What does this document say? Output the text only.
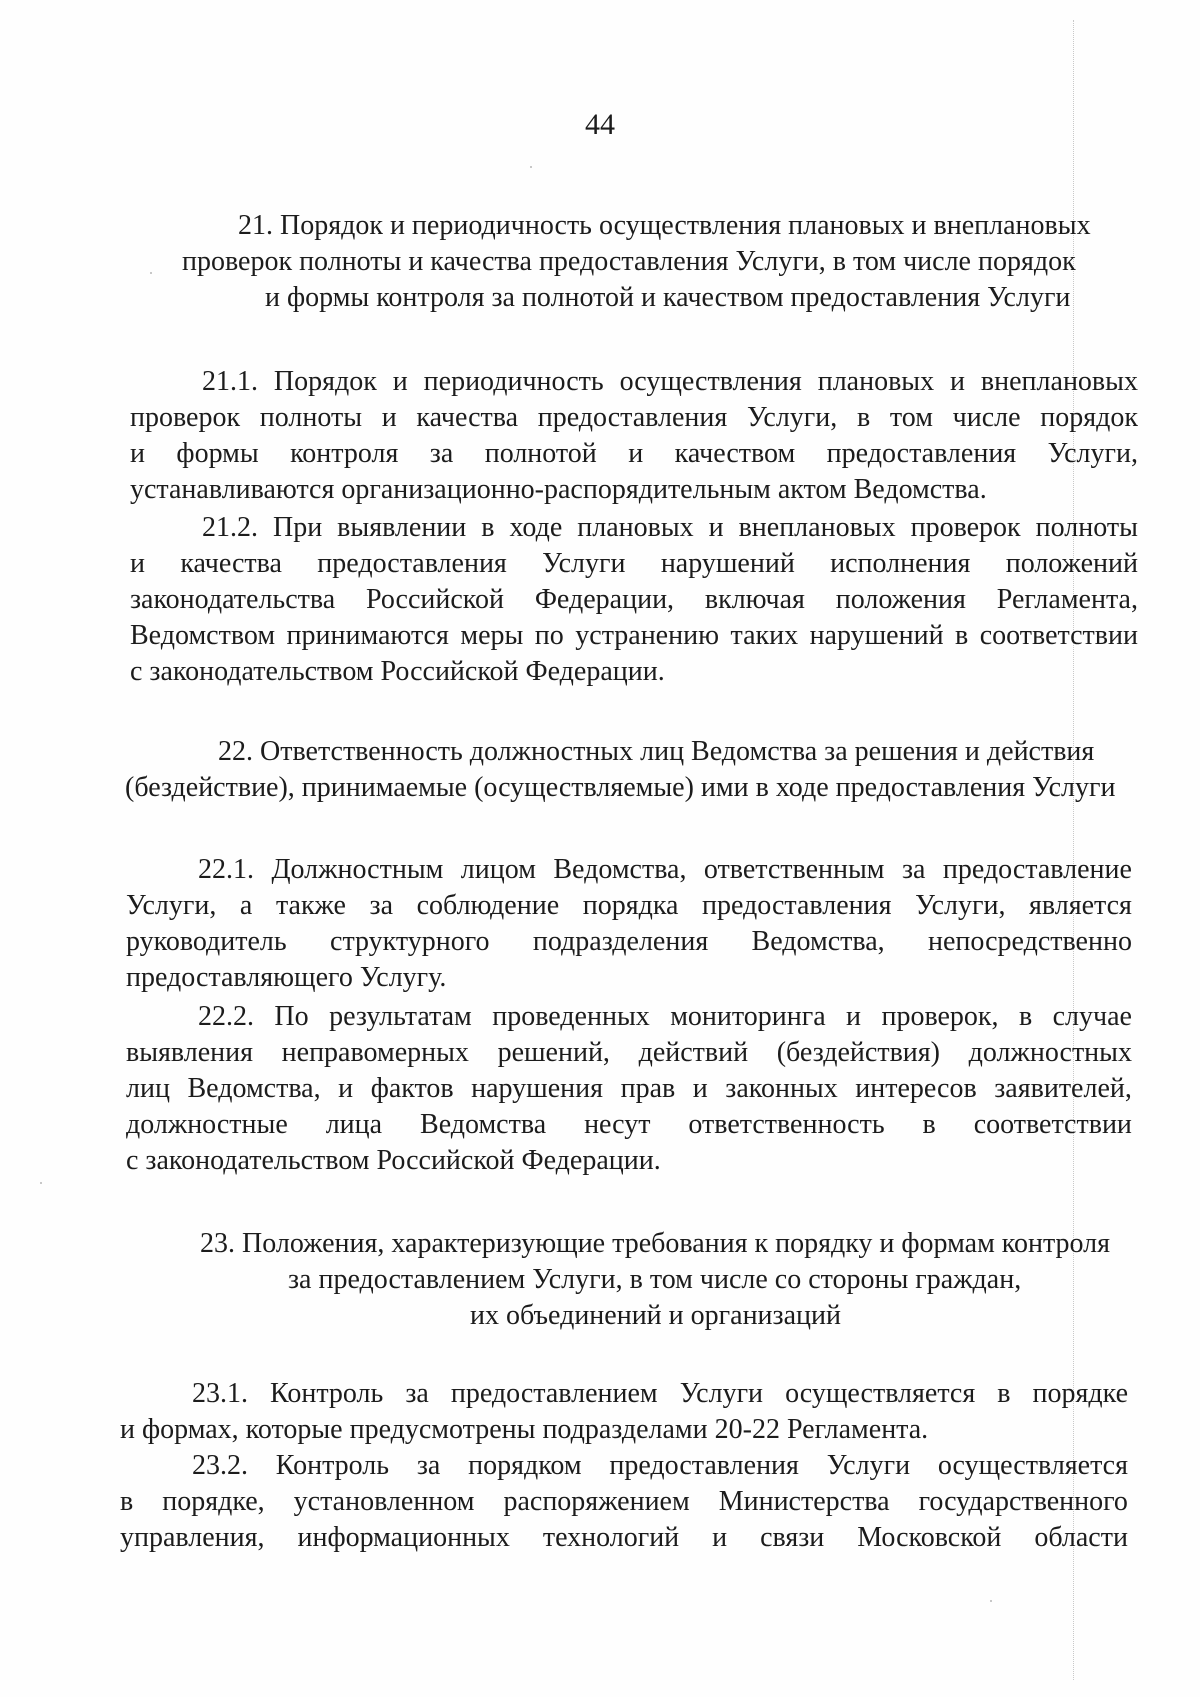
44
21. Порядок и периодичность осуществления плановых и внеплановых
проверок полноты и качества предоставления Услуги, в том числе порядок
и формы контроля за полнотой и качеством предоставления Услуги
21.1. Порядок и периодичность осуществления плановых и внеплановых
проверок полноты и качества предоставления Услуги, в том числе порядок
и формы контроля за полнотой и качеством предоставления Услуги,
устанавливаются организационно-распорядительным актом Ведомства.
21.2. При выявлении в ходе плановых и внеплановых проверок полноты
и качества предоставления Услуги нарушений исполнения положений
законодательства Российской Федерации, включая положения Регламента,
Ведомством принимаются меры по устранению таких нарушений в соответствии
с законодательством Российской Федерации.
22. Ответственность должностных лиц Ведомства за решения и действия
(бездействие), принимаемые (осуществляемые) ими в ходе предоставления Услуги
22.1. Должностным лицом Ведомства, ответственным за предоставление
Услуги, а также за соблюдение порядка предоставления Услуги, является
руководитель структурного подразделения Ведомства, непосредственно
предоставляющего Услугу.
22.2. По результатам проведенных мониторинга и проверок, в случае
выявления неправомерных решений, действий (бездействия) должностных
лиц Ведомства, и фактов нарушения прав и законных интересов заявителей,
должностные лица Ведомства несут ответственность в соответствии
с законодательством Российской Федерации.
23. Положения, характеризующие требования к порядку и формам контроля
за предоставлением Услуги, в том числе со стороны граждан,
их объединений и организаций
23.1. Контроль за предоставлением Услуги осуществляется в порядке
и формах, которые предусмотрены подразделами 20-22 Регламента.
23.2. Контроль за порядком предоставления Услуги осуществляется
в порядке, установленном распоряжением Министерства государственного
управления, информационных технологий и связи Московской области
